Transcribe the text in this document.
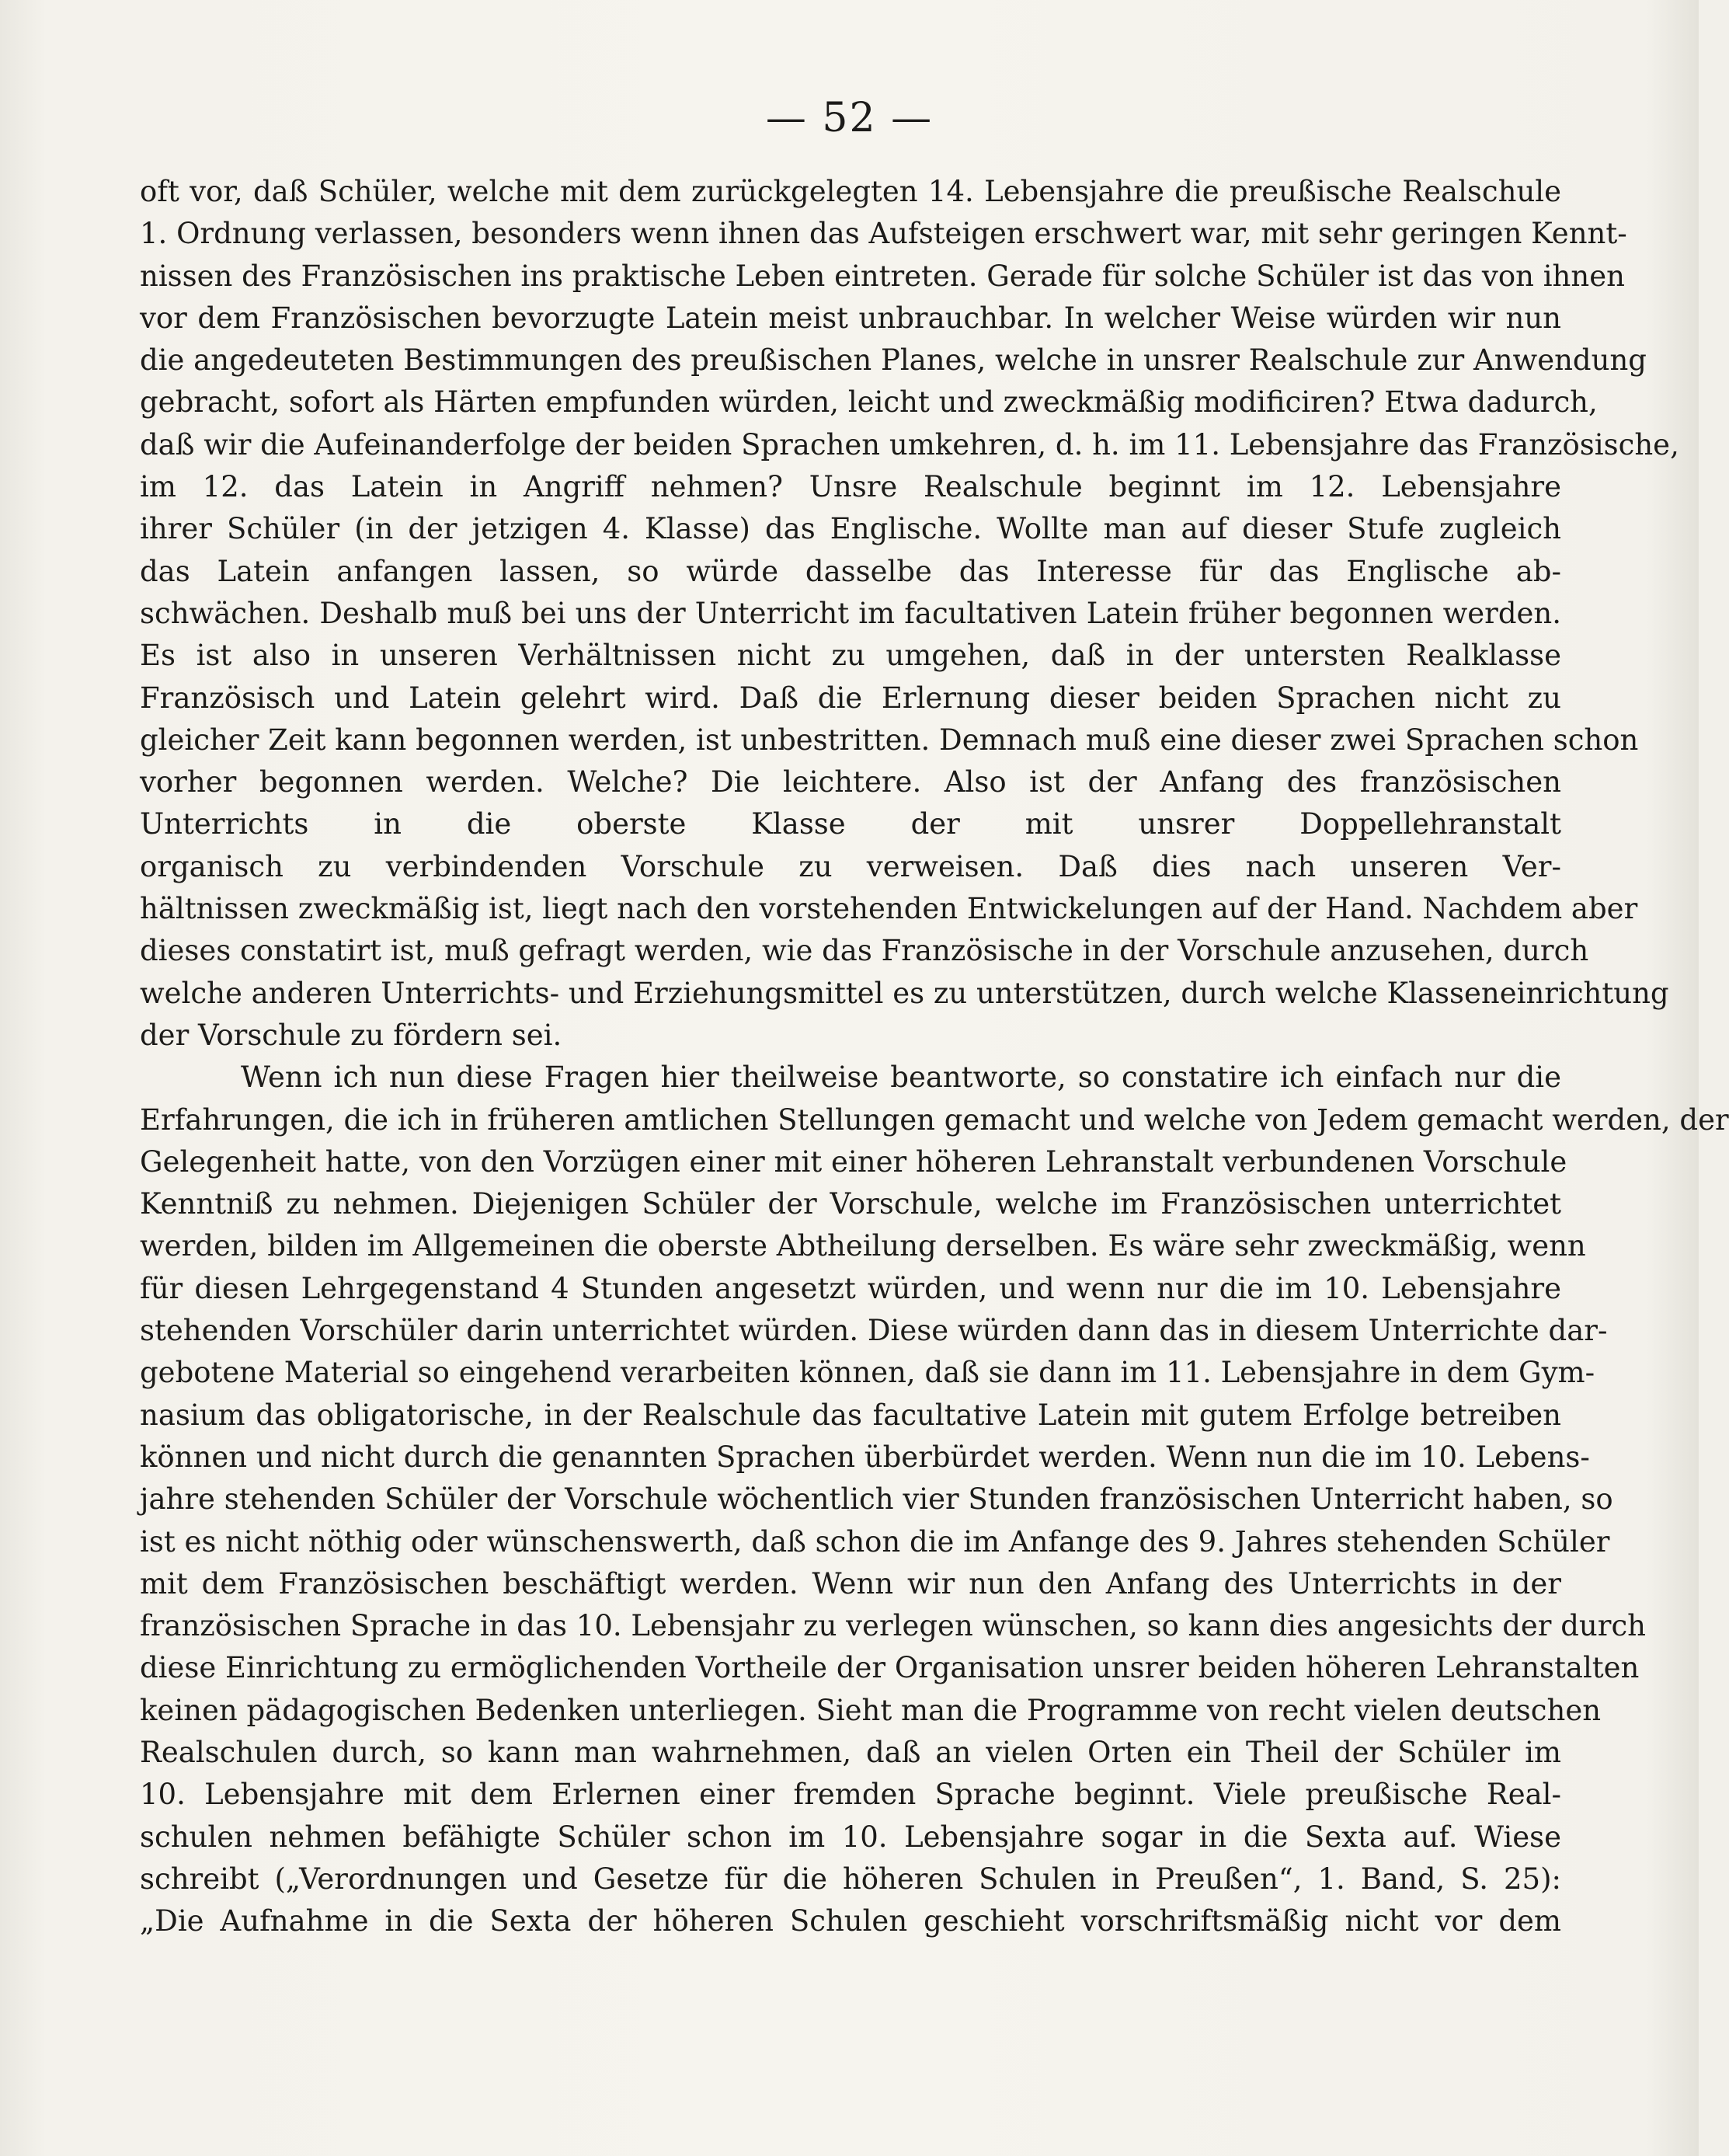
— 52 —
oft vor, daß Schüler, welche mit dem zurückgelegten 14. Lebensjahre die preußische Realschule
1. Ordnung verlassen, besonders wenn ihnen das Aufsteigen erschwert war, mit sehr geringen Kennt-
nissen des Französischen ins praktische Leben eintreten. Gerade für solche Schüler ist das von ihnen
vor dem Französischen bevorzugte Latein meist unbrauchbar. In welcher Weise würden wir nun
die angedeuteten Bestimmungen des preußischen Planes, welche in unsrer Realschule zur Anwendung
gebracht, sofort als Härten empfunden würden, leicht und zweckmäßig modificiren? Etwa dadurch,
daß wir die Aufeinanderfolge der beiden Sprachen umkehren, d. h. im 11. Lebensjahre das Französische,
im 12. das Latein in Angriff nehmen? Unsre Realschule beginnt im 12. Lebensjahre
ihrer Schüler (in der jetzigen 4. Klasse) das Englische. Wollte man auf dieser Stufe zugleich
das Latein anfangen lassen, so würde dasselbe das Interesse für das Englische ab-
schwächen. Deshalb muß bei uns der Unterricht im facultativen Latein früher begonnen werden.
Es ist also in unseren Verhältnissen nicht zu umgehen, daß in der untersten Realklasse
Französisch und Latein gelehrt wird. Daß die Erlernung dieser beiden Sprachen nicht zu
gleicher Zeit kann begonnen werden, ist unbestritten. Demnach muß eine dieser zwei Sprachen schon
vorher begonnen werden. Welche? Die leichtere. Also ist der Anfang des französischen
Unterrichts in die oberste Klasse der mit unsrer Doppellehranstalt
organisch zu verbindenden Vorschule zu verweisen. Daß dies nach unseren Ver-
hältnissen zweckmäßig ist, liegt nach den vorstehenden Entwickelungen auf der Hand. Nachdem aber
dieses constatirt ist, muß gefragt werden, wie das Französische in der Vorschule anzusehen, durch
welche anderen Unterrichts- und Erziehungsmittel es zu unterstützen, durch welche Klasseneinrichtung
der Vorschule zu fördern sei.
Wenn ich nun diese Fragen hier theilweise beantworte, so constatire ich einfach nur die
Erfahrungen, die ich in früheren amtlichen Stellungen gemacht und welche von Jedem gemacht werden, der
Gelegenheit hatte, von den Vorzügen einer mit einer höheren Lehranstalt verbundenen Vorschule
Kenntniß zu nehmen. Diejenigen Schüler der Vorschule, welche im Französischen unterrichtet
werden, bilden im Allgemeinen die oberste Abtheilung derselben. Es wäre sehr zweckmäßig, wenn
für diesen Lehrgegenstand 4 Stunden angesetzt würden, und wenn nur die im 10. Lebensjahre
stehenden Vorschüler darin unterrichtet würden. Diese würden dann das in diesem Unterrichte dar-
gebotene Material so eingehend verarbeiten können, daß sie dann im 11. Lebensjahre in dem Gym-
nasium das obligatorische, in der Realschule das facultative Latein mit gutem Erfolge betreiben
können und nicht durch die genannten Sprachen überbürdet werden. Wenn nun die im 10. Lebens-
jahre stehenden Schüler der Vorschule wöchentlich vier Stunden französischen Unterricht haben, so
ist es nicht nöthig oder wünschenswerth, daß schon die im Anfange des 9. Jahres stehenden Schüler
mit dem Französischen beschäftigt werden. Wenn wir nun den Anfang des Unterrichts in der
französischen Sprache in das 10. Lebensjahr zu verlegen wünschen, so kann dies angesichts der durch
diese Einrichtung zu ermöglichenden Vortheile der Organisation unsrer beiden höheren Lehranstalten
keinen pädagogischen Bedenken unterliegen. Sieht man die Programme von recht vielen deutschen
Realschulen durch, so kann man wahrnehmen, daß an vielen Orten ein Theil der Schüler im
10. Lebensjahre mit dem Erlernen einer fremden Sprache beginnt. Viele preußische Real-
schulen nehmen befähigte Schüler schon im 10. Lebensjahre sogar in die Sexta auf. Wiese
schreibt („Verordnungen und Gesetze für die höheren Schulen in Preußen“, 1. Band, S. 25):
„Die Aufnahme in die Sexta der höheren Schulen geschieht vorschriftsmäßig nicht vor dem
